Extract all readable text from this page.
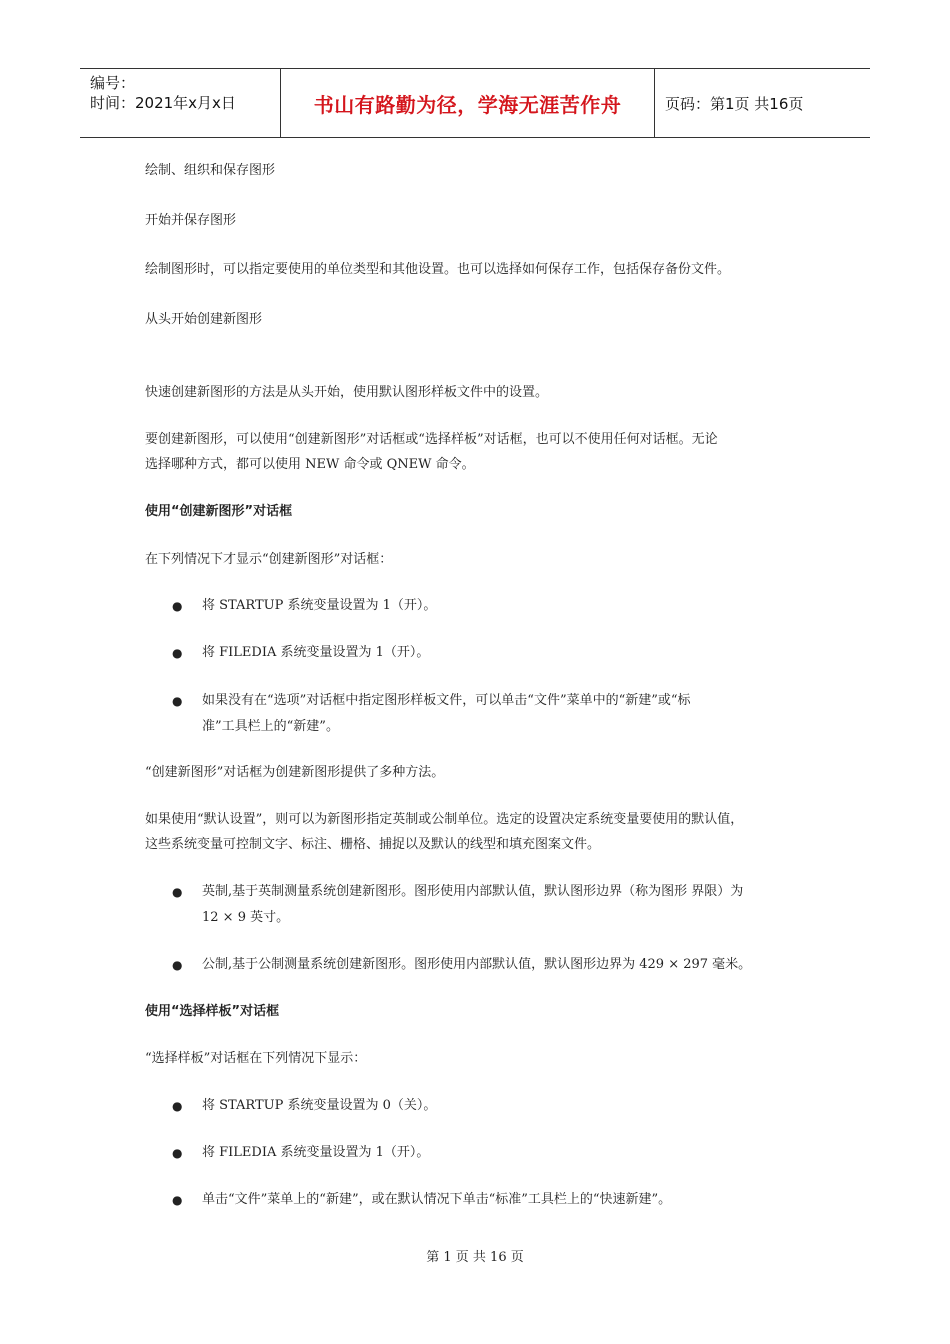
编号：
时间：2021年x月x日	书山有路勤为径，学海无涯苦作舟	页码：第1页 共16页

绘制、组织和保存图形

开始并保存图形

绘制图形时，可以指定要使用的单位类型和其他设置。也可以选择如何保存工作，包括保存备份文件。

从头开始创建新图形

快速创建新图形的方法是从头开始，使用默认图形样板文件中的设置。

要创建新图形，可以使用“创建新图形”对话框或“选择样板”对话框，也可以不使用任何对话框。无论

选择哪种方式，都可以使用 NEW 命令或 QNEW 命令。

使用“创建新图形”对话框

在下列情况下才显示“创建新图形”对话框：

● 将 STARTUP 系统变量设置为 1（开）。
● 将 FILEDIA 系统变量设置为 1（开）。
● 如果没有在“选项”对话框中指定图形样板文件，可以单击“文件”菜单中的“新建”或“标
准”工具栏上的“新建”。

“创建新图形”对话框为创建新图形提供了多种方法。

如果使用“默认设置”，则可以为新图形指定英制或公制单位。选定的设置决定系统变量要使用的默认值，

这些系统变量可控制文字、标注、栅格、捕捉以及默认的线型和填充图案文件。

● 英制,基于英制测量系统创建新图形。图形使用内部默认值，默认图形边界（称为图形 界限）为
12 × 9 英寸。
● 公制,基于公制测量系统创建新图形。图形使用内部默认值，默认图形边界为 429 × 297 毫米。

使用“选择样板”对话框

“选择样板”对话框在下列情况下显示：

● 将 STARTUP 系统变量设置为 0（关）。
● 将 FILEDIA 系统变量设置为 1（开）。
● 单击“文件”菜单上的“新建”，或在默认情况下单击“标准”工具栏上的“快速新建”。
第 1 页 共 16 页
